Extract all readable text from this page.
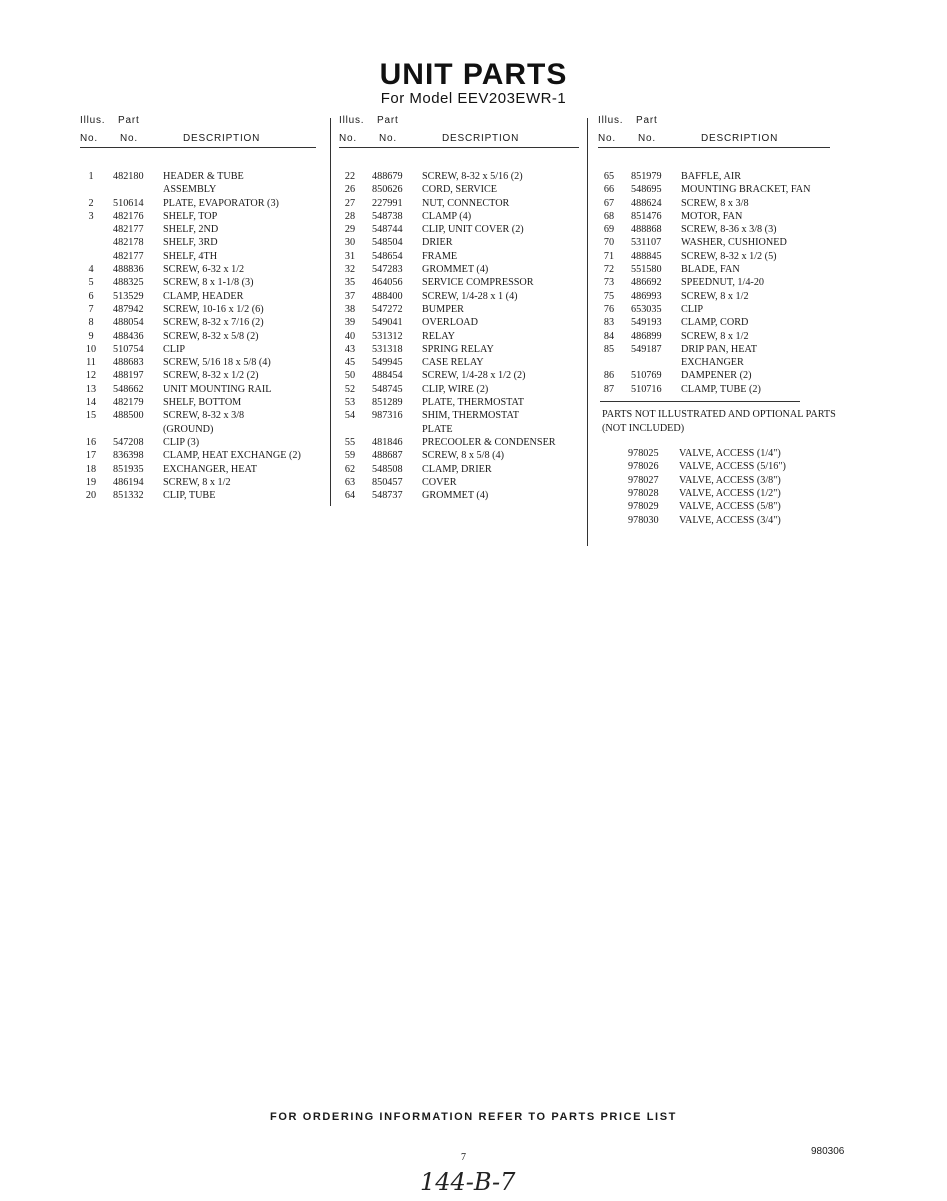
UNIT PARTS
For Model EEV203EWR-1
Illus. Part
No. No.	DESCRIPTION
1	482180 HEADER & TUBE
ASSEMBLY
2	510614 PLATE, EVAPORATOR (3)
3	482176 SHELF, TOP
482177 SHELF, 2ND
482178 SHELF, 3RD
482177 SHELF, 4TH
4	488836 SCREW, 6-32 x 1/2
5	488325 SCREW, 8 x 1-1/8 (3)
6	513529 CLAMP, HEADER
7	487942 SCREW, 10-16 x 1/2 (6)
8	488054 SCREW, 8-32 x 7/16 (2)
9	488436 SCREW, 8-32 x 5/8 (2)
10	510754 CLIP
11	488683 SCREW, 5/16 18 x 5/8 (4)
12	488197 SCREW, 8-32 x 1/2 (2)
13	548662 UNIT MOUNTING RAIL
14	482179 SHELF, BOTTOM
15	488500 SCREW, 8-32 x 3/8
(GROUND)
16	547208 CLIP (3)
17	836398 CLAMP, HEAT EXCHANGE (2)
18	851935 EXCHANGER, HEAT
19	486194 SCREW, 8 x 1/2
20	851332 CLIP, TUBE
Illus. Part
No. No.	DESCRIPTION
22	488679 SCREW, 8-32 x 5/16 (2)
26	850626 CORD, SERVICE
27	227991 NUT, CONNECTOR
28	548738 CLAMP (4)
29	548744 CLIP, UNIT COVER (2)
30	548504 DRIER
31	548654 FRAME
32	547283 GROMMET (4)
35	464056 SERVICE COMPRESSOR
37	488400 SCREW, 1/4-28 x 1 (4)
38	547272 BUMPER
39	549041 OVERLOAD
40	531312 RELAY
43	531318 SPRING RELAY
45	549945 CASE RELAY
50	488454 SCREW, 1/4-28 x 1/2 (2)
52	548745 CLIP, WIRE (2)
53	851289 PLATE, THERMOSTAT
54	987316 SHIM, THERMOSTAT
PLATE
55	481846 PRECOOLER & CONDENSER
59	488687 SCREW, 8 x 5/8 (4)
62	548508 CLAMP, DRIER
63	850457 COVER
64	548737 GROMMET (4)
Illus. Part
No. No.	DESCRIPTION
65	851979 BAFFLE, AIR
66	548695 MOUNTING BRACKET, FAN
67	488624 SCREW, 8 x 3/8
68	851476 MOTOR, FAN
69	488868 SCREW, 8-36 x 3/8 (3)
70	531107 WASHER, CUSHIONED
71	488845 SCREW, 8-32 x 1/2 (5)
72	551580 BLADE, FAN
73	486692 SPEEDNUT, 1/4-20
75	486993 SCREW, 8 x 1/2
76	653035 CLIP
83	549193 CLAMP, CORD
84	486899 SCREW, 8 x 1/2
85	549187 DRIP PAN, HEAT
EXCHANGER
86	510769 DAMPENER (2)
87	510716 CLAMP, TUBE (2)
PARTS NOT ILLUSTRATED AND OPTIONAL PARTS (NOT INCLUDED)
978025 VALVE, ACCESS (1/4")
978026 VALVE, ACCESS (5/16")
978027 VALVE, ACCESS (3/8")
978028 VALVE, ACCESS (1/2")
978029 VALVE, ACCESS (5/8")
978030 VALVE, ACCESS (3/4")
FOR ORDERING INFORMATION REFER TO PARTS PRICE LIST
7
980306
144-B-7
